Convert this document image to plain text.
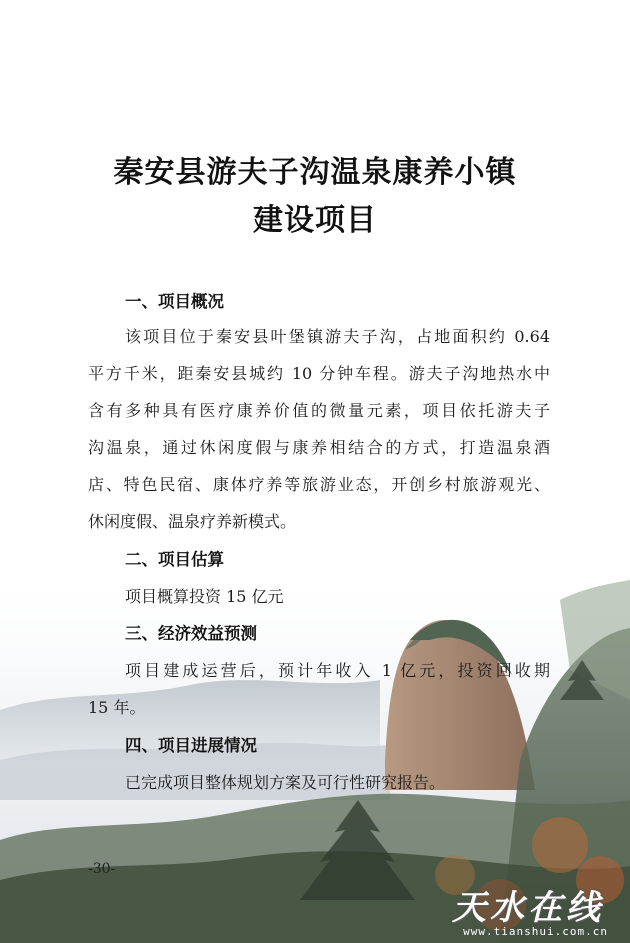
秦安县游夫子沟温泉康养小镇
建设项目
一、项目概况
该项目位于秦安县叶堡镇游夫子沟，占地面积约 0.64
平方千米，距秦安县城约 10 分钟车程。游夫子沟地热水中
含有多种具有医疗康养价值的微量元素，项目依托游夫子
沟温泉，通过休闲度假与康养相结合的方式，打造温泉酒
店、特色民宿、康体疗养等旅游业态，开创乡村旅游观光、
休闲度假、温泉疗养新模式。
二、项目估算
项目概算投资 15 亿元
三、经济效益预测
项目建成运营后，预计年收入 1 亿元，投资回收期
15 年。
四、项目进展情况
已完成项目整体规划方案及可行性研究报告。
-30-
天水在线
www.tianshui.com.cn
